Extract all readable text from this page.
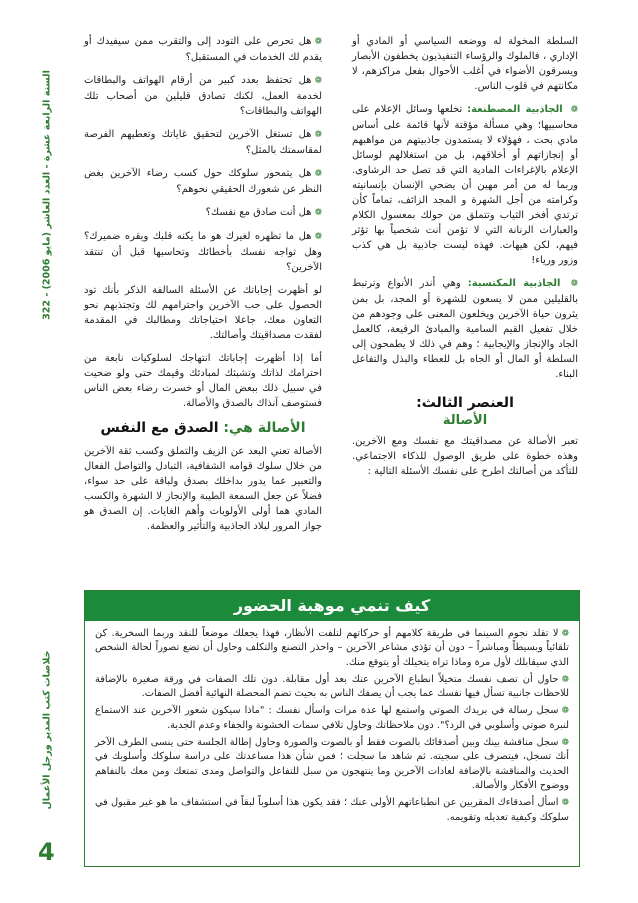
السنة الرابعة عشرة - العدد العاشر (مايو 2006) - 322
خلاصات كتب المدير ورجل الأعمال
4

السلطة المخولة له ووضعه السياسي أو المادي أو الإداري ، فالملوك والرؤساء التنفيذيون يخطفون الأبصار ويسرقون الأضواء في أغلب الأحوال بفعل مراكزهم، لا مكانتهم في قلوب الناس.

❁ الجاذبية المصطنعة: تخلعها وسائل الإعلام على محاسبيها؛ وهي مسألة مؤقتة لأنها قائمة على أساس مادي بحت ، فهؤلاء لا يستمدون جاذبيتهم من مواهبهم أو إنجازاتهم أو أخلاقهم، بل من استغلالهم لوسائل الإعلام بالإغراءات المادية التي قد تصل حد الرشاوى. وربما له من أمر مهين أن يضحي الإنسان بإنسانيته وكرامته من أجل الشهرة و المجد الزائف، تماماً كأن ترتدي أفخر الثياب وتتملق من حولك بمعسول الكلام والعبارات الرنانة التي لا تؤمن أنت شخصياً بها تؤثر فيهم، لكن هيهات. فهذه ليست جاذبية بل هي كذب وزور ورياء!

❁ الجاذبية المكتسبة: وهي أندر الأنواع وترتبط بالقليلين ممن لا يسعون للشهرة أو المجد، بل بمن يثرون حياة الآخرين ويخلعون المعنى على وجودهم من خلال تفعيل القيم السامية والمبادئ الرفيعة، كالعمل الجاد والإنجاز والإيجابية ؛ وهم في ذلك لا يطمحون إلى السلطة أو المال أو الجاه بل للعطاء والبذل والتفاعل البناء.

العنصر الثالث:
الأصالة

تعبر الأصالة عن مصداقيتك مع نفسك ومع الآخرين. وهذه خطوة على طريق الوصول للذكاء الاجتماعي. للتأكد من أصالتك اطرح على نفسك الأسئلة التالية :

❁هل تحرص على التودد إلى والتقرب ممن سيفيدك أو يقدم لك الخدمات في المستقبل؟

❁هل تحتفظ بعدد كبير من أرقام الهواتف والبطاقات لخدمة العمل، لكنك تصادق قليلين من أصحاب تلك الهواتف والبطاقات؟

❁هل تستغل الآخرين لتحقيق غاياتك وتعطيهم الفرصة لمقاسمتك بالمثل؟

❁هل يتمحور سلوكك حول كسب رضاء الآخرين بغض النظر عن شعورك الحقيقي نحوهم؟

❁هل أنت صادق مع نفسك؟

❁هل ما تظهره لغيرك هو ما يكنه قلبك ويقره ضميرك؟ وهل تواجه نفسك بأخطائك وتحاسبها قبل أن تنتقد الآخرين؟

لو أظهرت إجاباتك عن الأسئلة السالفة الذكر بأنك تود الحصول على حب الآخرين واحترامهم لك وتجتذبهم نحو التعاون معك، جاعلا احتياجاتك ومطالبك في المقدمة لفقدت مصداقيتك وأصالتك.

أما إذا أظهرت إجاباتك انتهاجك لسلوكيات نابعة من احترامك لذاتك وتشبثك لمبادئك وقيمك حتى ولو ضحيت في سبيل ذلك ببعض المال أو خسرت رضاء بعض الناس فستوصف آنذاك بالصدق والأصالة.

الأصالة هي: الصدق مع النفس

الأصالة تعني البعد عن الزيف والتملق وكسب ثقة الآخرين من خلال سلوك قوامه الشفافية، التبادل والتواصل الفعال والتعبير عما يدور بداخلك بصدق ولباقة على حد سواء، فضلاً عن جعل السمعة الطيبة والإنجاز لا الشهرة والكسب المادي هما أولى الأولويات وأهم الغايات. إن الصدق هو جواز المرور لبلاد الجاذبية والتأثير والعظمة.

كيف تنمي موهبة الحضور

❁لا تقلد نجوم السينما في طريقة كلامهم أو حركاتهم لتلفت الأنظار، فهذا يجعلك موضعاً للنقد وربما السخرية. كن تلقائياً وبسيطاً ومباشراً – دون أن تؤذي مشاعر الآخرين – واحذر التصنع والتكلف وحاول أن تضع تصوراً لحالة الشخص الذي سيقابلك لأول مرة وماذا تراه يتخيلك أو يتوقع منك.

❁حاول أن تصف نفسك متخيلاً انطباع الآخرين عنك بعد أول مقابلة. دون تلك الصفات في ورقة صغيرة بالإضافة للاحظات جانبية تسأل فيها نفسك عما يجب أن يصفك الناس به بحيث تضم المحصلة النهائية أفضل الصفات.

❁سجل رسالة في بريدك الصوتي واستمع لها عدة مرات واسأل نفسك : "ماذا سيكون شعور الآخرين عند الاستماع لنبرة صوتي وأسلوبي في الرد؟". دون ملاحظاتك وحاول تلافي سمات الخشونة والجفاء وعدم الجدية.

❁سجل مناقشة بينك وبين أصدقائك بالصوت فقط أو بالصوت والصورة وحاول إطالة الجلسة حتى ينسى الطرف الآخر أنك تسجل، فيتصرف على سجيته. ثم شاهد ما سجلت ؛ فمن شأن هذا مساعدتك على دراسة سلوكك وأسلوبك في الحديث والمناقشة بالإضافة لعادات الآخرين وما ينتهجون من سبل للتفاعل والتواصل ومدى تمتعك ومن معك بالتفاهم ووضوح الأفكار والأصالة.

❁اسأل أصدقاءك المقربين عن انطباعاتهم الأولى عنك ؛ فقد يكون هذا أسلوباً لبقاً في استشفاف ما هو غير مقبول في سلوكك وكيفية تعديله وتقويمه.
